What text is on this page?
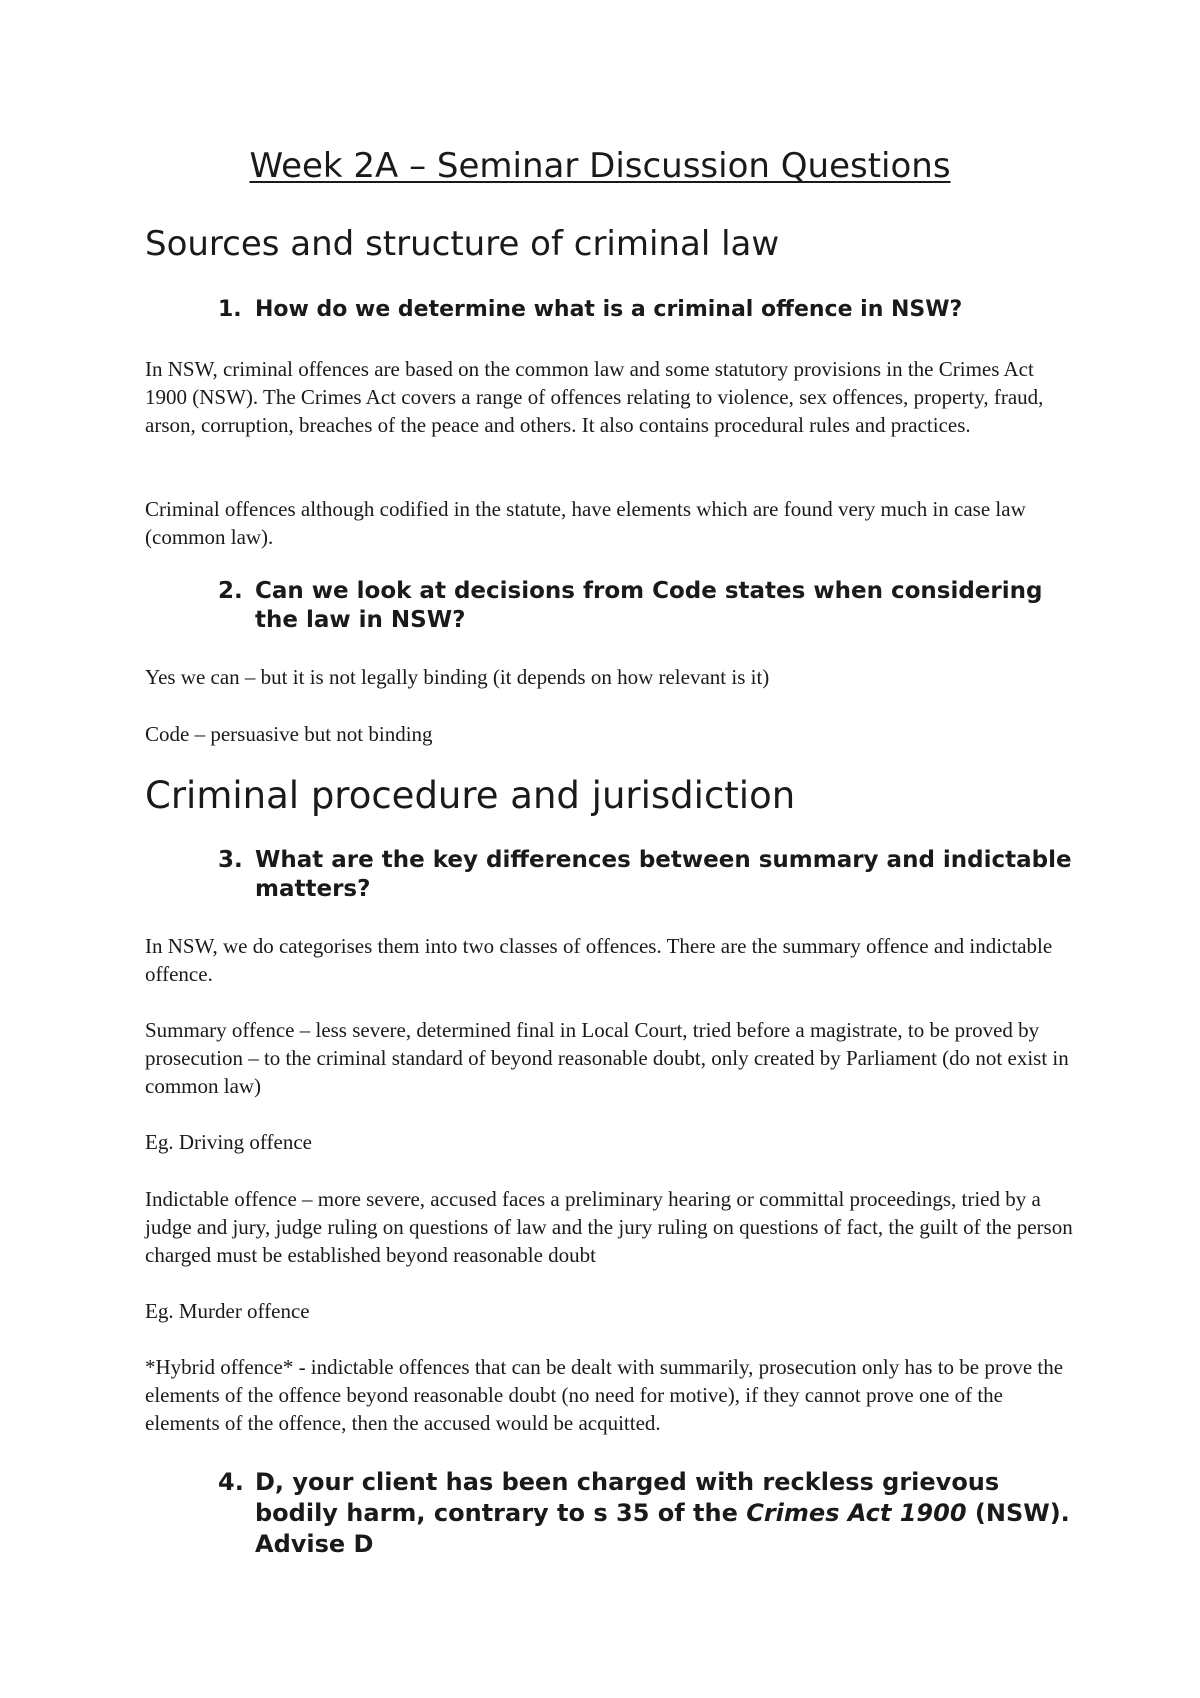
Week 2A – Seminar Discussion Questions
Sources and structure of criminal law
1. How do we determine what is a criminal offence in NSW?

In NSW, criminal offences are based on the common law and some statutory provisions in the Crimes Act 1900 (NSW). The Crimes Act covers a range of offences relating to violence, sex offences, property, fraud, arson, corruption, breaches of the peace and others. It also contains procedural rules and practices.

Criminal offences although codified in the statute, have elements which are found very much in case law (common law).

2. Can we look at decisions from Code states when considering the law in NSW?

Yes we can – but it is not legally binding (it depends on how relevant is it)

Code – persuasive but not binding

Criminal procedure and jurisdiction
3. What are the key differences between summary and indictable matters?

In NSW, we do categorises them into two classes of offences. There are the summary offence and indictable offence.

Summary offence – less severe, determined final in Local Court, tried before a magistrate, to be proved by prosecution – to the criminal standard of beyond reasonable doubt, only created by Parliament (do not exist in common law)

Eg. Driving offence

Indictable offence – more severe, accused faces a preliminary hearing or committal proceedings, tried by a judge and jury, judge ruling on questions of law and the jury ruling on questions of fact, the guilt of the person charged must be established beyond reasonable doubt

Eg. Murder offence

*Hybrid offence* - indictable offences that can be dealt with summarily, prosecution only has to be prove the elements of the offence beyond reasonable doubt (no need for motive), if they cannot prove one of the elements of the offence, then the accused would be acquitted.

4. D, your client has been charged with reckless grievous bodily harm, contrary to s 35 of the Crimes Act 1900 (NSW). Advise D
